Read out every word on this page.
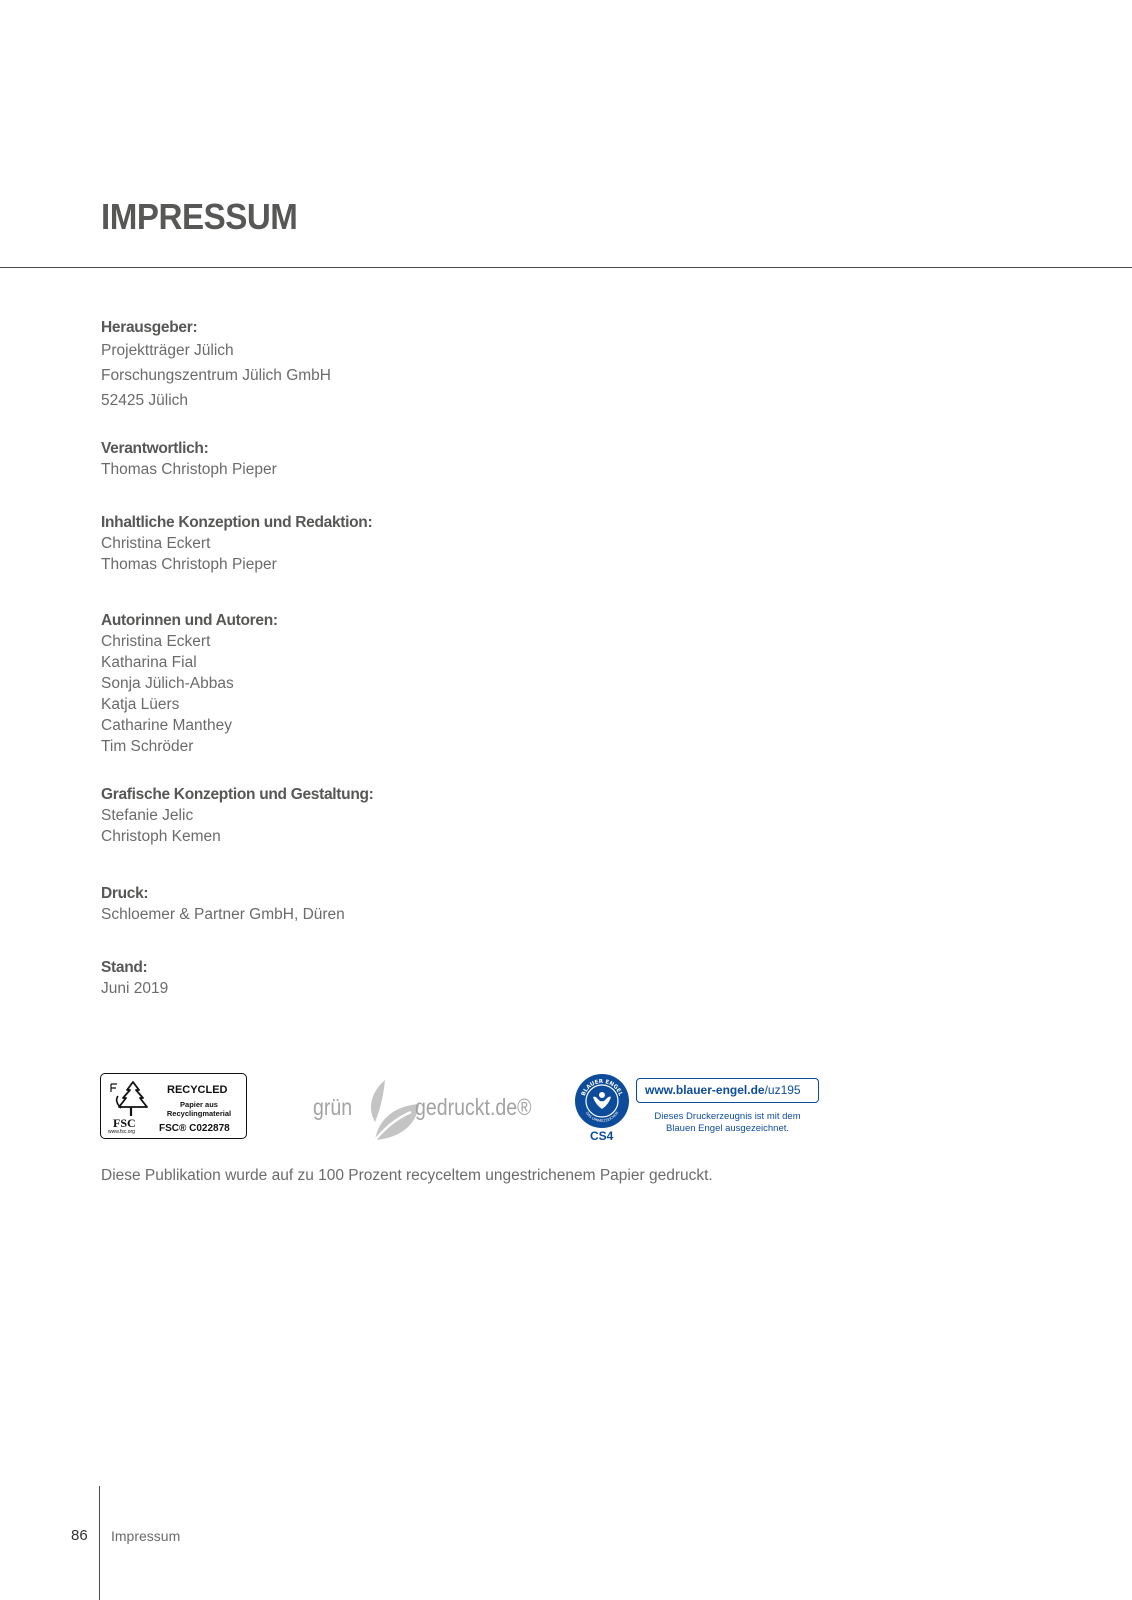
IMPRESSUM
Herausgeber:
Projektträger Jülich
Forschungszentrum Jülich GmbH
52425 Jülich
Verantwortlich:
Thomas Christoph Pieper
Inhaltliche Konzeption und Redaktion:
Christina Eckert
Thomas Christoph Pieper
Autorinnen und Autoren:
Christina Eckert
Katharina Fial
Sonja Jülich-Abbas
Katja Lüers
Catharine Manthey
Tim Schröder
Grafische Konzeption und Gestaltung:
Stefanie Jelic
Christoph Kemen
Druck:
Schloemer & Partner GmbH, Düren
Stand:
Juni 2019
FSC
www.fsc.org
RECYCLED
Papier aus
Recyclingmaterial
FSC® C022878
grün	gedruckt.de®
BLAUER ENGEL
DAS UMWELTZEICHEN
CS4
www.blauer-engel.de/uz195
Dieses Druckerzeugnis ist mit dem
Blauen Engel ausgezeichnet.
Diese Publikation wurde auf zu 100 Prozent recyceltem ungestrichenem Papier gedruckt.
86 Impressum
